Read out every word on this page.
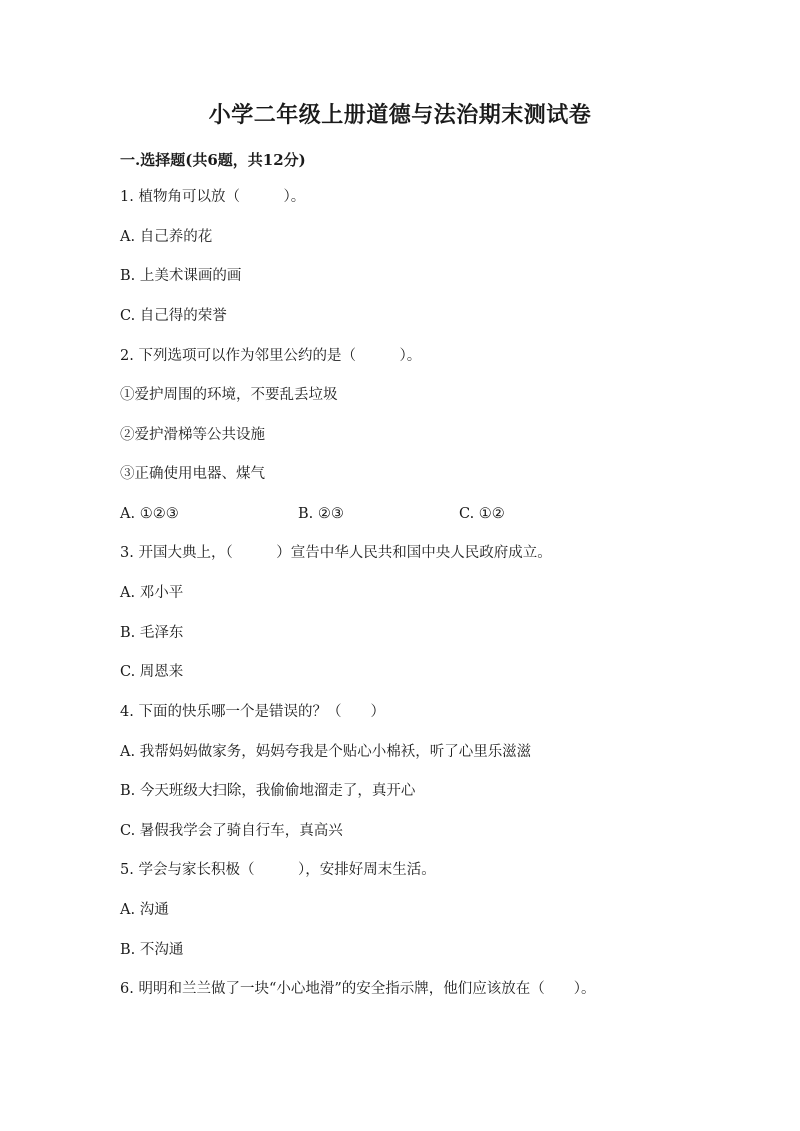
小学二年级上册道德与法治期末测试卷
一.选择题(共6题，共12分)
1. 植物角可以放（　　　）。
A. 自己养的花
B. 上美术课画的画
C. 自己得的荣誉
2. 下列选项可以作为邻里公约的是（　　　）。
①爱护周围的环境，不要乱丢垃圾
②爱护滑梯等公共设施
③正确使用电器、煤气
A. ①②③	B. ②③	C. ①②
3. 开国大典上，（　　　）宣告中华人民共和国中央人民政府成立。
A. 邓小平
B. 毛泽东
C. 周恩来
4. 下面的快乐哪一个是错误的？（　　）
A. 我帮妈妈做家务，妈妈夸我是个贴心小棉袄，听了心里乐滋滋
B. 今天班级大扫除，我偷偷地溜走了，真开心
C. 暑假我学会了骑自行车，真高兴
5. 学会与家长积极（　　　），安排好周末生活。
A. 沟通
B. 不沟通
6. 明明和兰兰做了一块“小心地滑”的安全指示牌，他们应该放在（　　）。
